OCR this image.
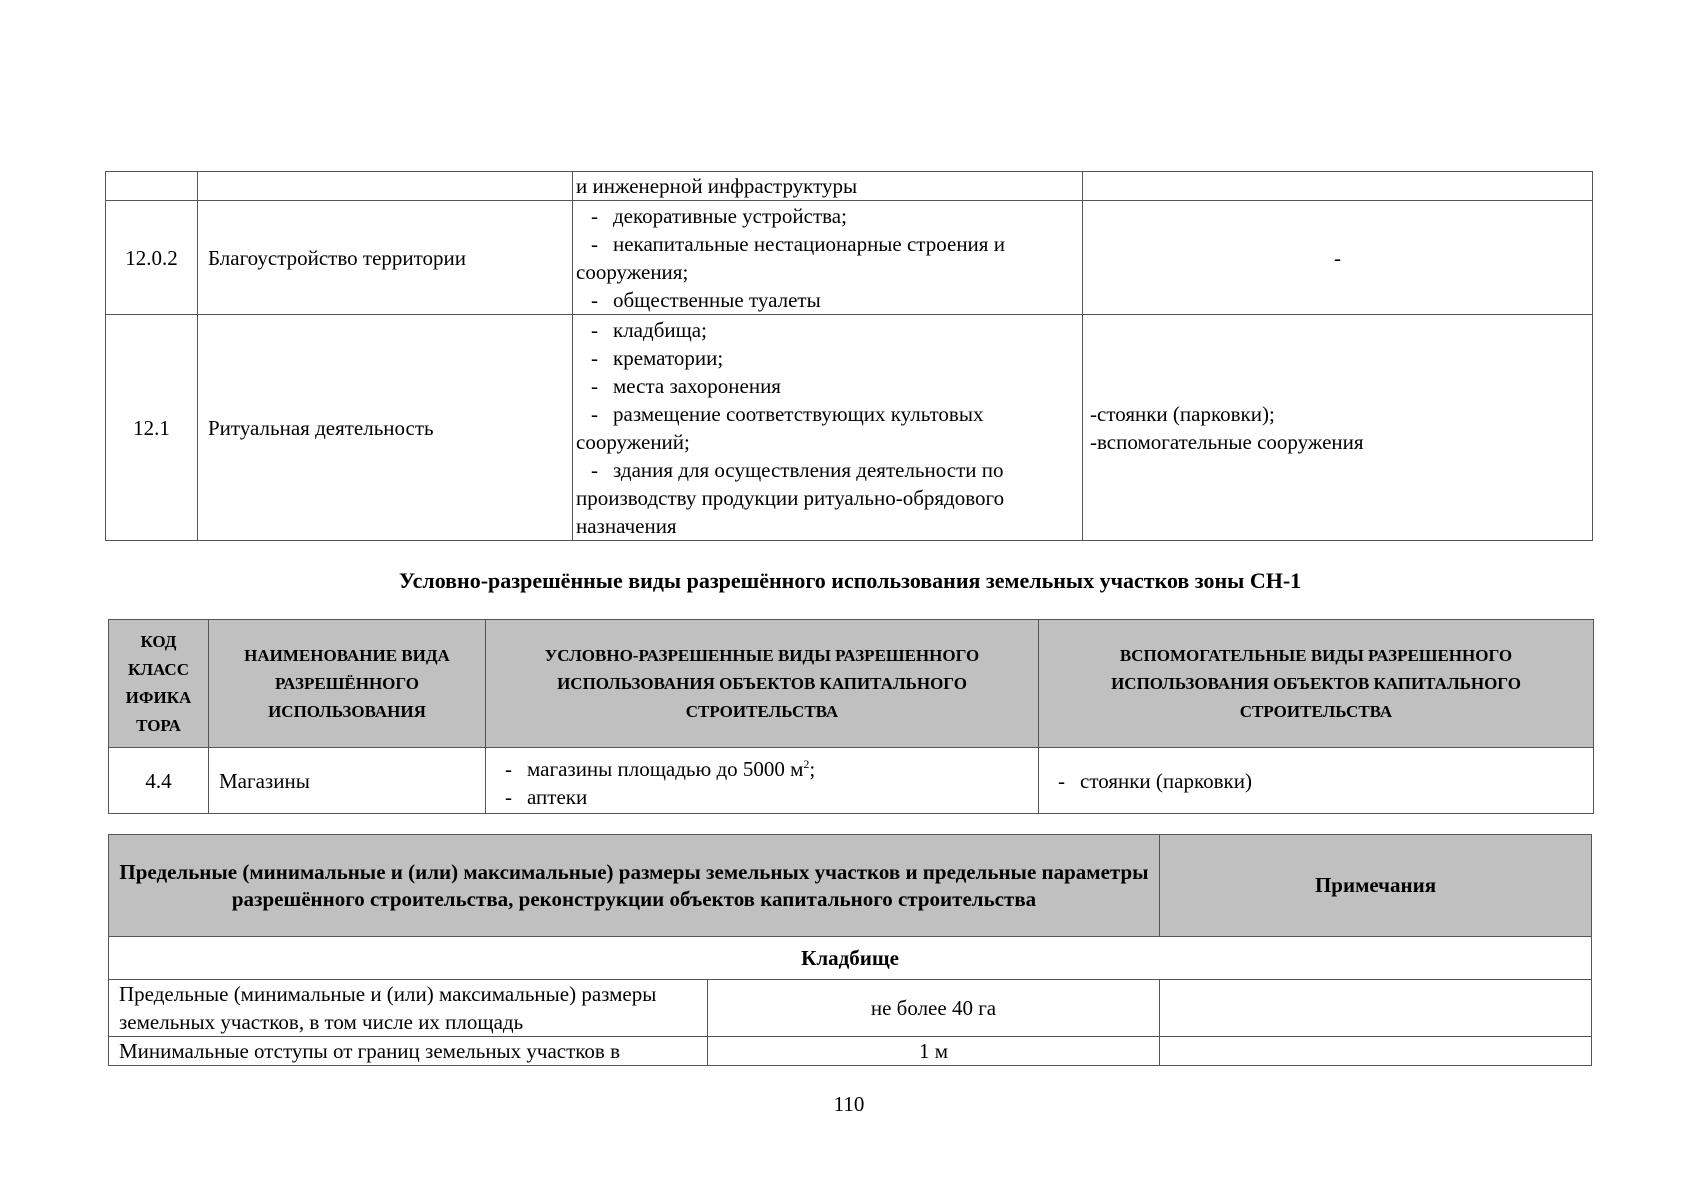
		и инженерной инфраструктуры	
12.0.2	Благоустройство территории	- декоративные устройства;
- некапитальные нестационарные строения и сооружения;
- общественные туалеты	-
12.1	Ритуальная деятельность	- кладбища;
- крематории;
- места захоронения
- размещение соответствующих культовых сооружений;
- здания для осуществления деятельности по производству продукции ритуально-обрядового назначения	-стоянки (парковки);
-вспомогательные сооружения
Условно-разрешённые виды разрешённого использования земельных участков зоны СН-1
КОД КЛАСС ИФИКА ТОРА	НАИМЕНОВАНИЕ ВИДА РАЗРЕШЁННОГО ИСПОЛЬЗОВАНИЯ	УСЛОВНО-РАЗРЕШЕННЫЕ ВИДЫ РАЗРЕШЕННОГО ИСПОЛЬЗОВАНИЯ ОБЪЕКТОВ КАПИТАЛЬНОГО СТРОИТЕЛЬСТВА	ВСПОМОГАТЕЛЬНЫЕ ВИДЫ РАЗРЕШЕННОГО ИСПОЛЬЗОВАНИЯ ОБЪЕКТОВ КАПИТАЛЬНОГО СТРОИТЕЛЬСТВА
4.4	Магазины	- магазины площадью до 5000 $м^2$;
- аптеки	- стоянки (парковки)
Предельные (минимальные и (или) максимальные) размеры земельных участков и предельные параметры разрешённого строительства, реконструкции объектов капитального строительства		Примечания
Кладбище		
Предельные (минимальные и (или) максимальные) размеры земельных участков, в том числе их площадь	не более 40 га	
Минимальные отступы от границ земельных участков в	1 м	
110
